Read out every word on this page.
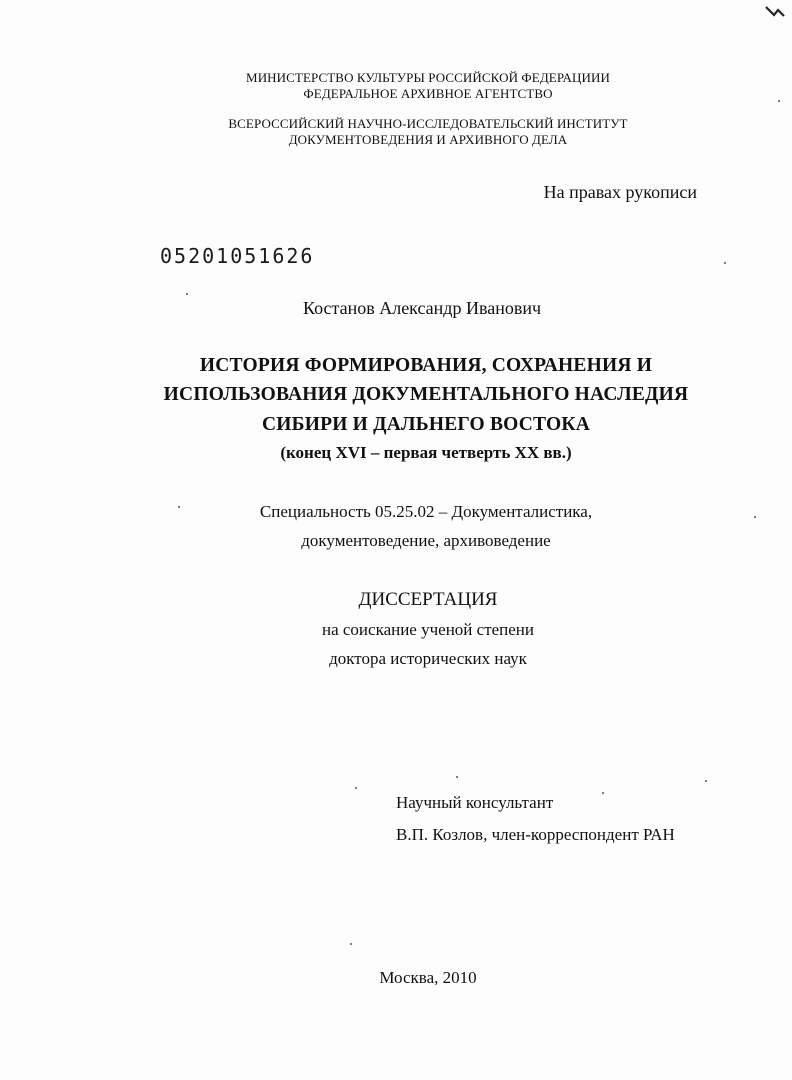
МИНИСТЕРСТВО КУЛЬТУРЫ РОССИЙСКОЙ ФЕДЕРАЦИИИ
ФЕДЕРАЛЬНОЕ АРХИВНОЕ АГЕНТСТВО
ВСЕРОССИЙСКИЙ НАУЧНО-ИССЛЕДОВАТЕЛЬСКИЙ ИНСТИТУТ
ДОКУМЕНТОВЕДЕНИЯ И АРХИВНОГО ДЕЛА
На правах рукописи
05201051626
Костанов Александр Иванович
ИСТОРИЯ ФОРМИРОВАНИЯ, СОХРАНЕНИЯ И
ИСПОЛЬЗОВАНИЯ ДОКУМЕНТАЛЬНОГО НАСЛЕДИЯ
СИБИРИ И ДАЛЬНЕГО ВОСТОКА
(конец XVI – первая четверть XX вв.)
Специальность 05.25.02 – Документалистика,
документоведение, архивоведение
ДИССЕРТАЦИЯ
на соискание ученой степени
доктора исторических наук
Научный консультант
В.П. Козлов, член-корреспондент РАН
Москва, 2010
